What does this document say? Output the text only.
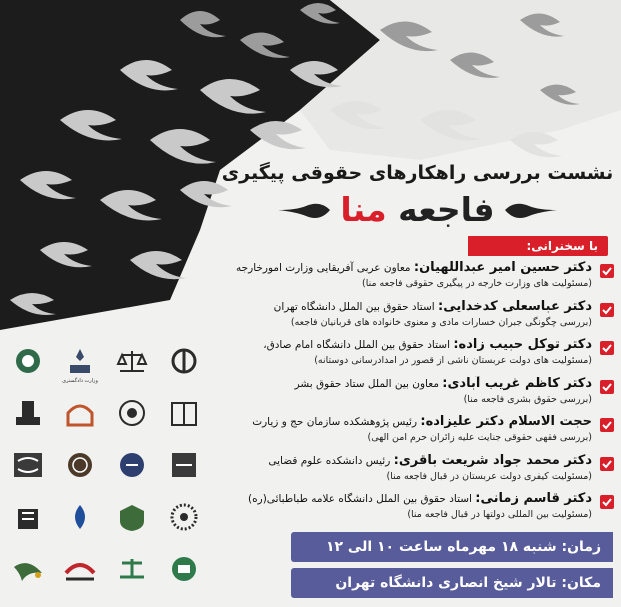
نشست بررسی راهکارهای حقوقی پیگیری

فاجعه منا
با سخنرانی:
دکتر حسین امیر عبداللهیان: معاون عربی آفریقایی وزارت امورخارجه
(مسئولیت های وزارت خارجه در پیگیری حقوقی فاجعه منا)
دکتر عباسعلی کدخدایی: استاد حقوق بین الملل دانشگاه تهران
(بررسی چگونگی جبران خسارات مادی و معنوی خانواده های قربانیان فاجعه)
دکتر توکل حبیب زاده: استاد حقوق بین الملل دانشگاه امام صادق،
(مسئولیت های دولت عربستان ناشی از قصور در امدادرسانی دوستانه)
دکتر کاظم غریب آبادی: معاون بین الملل ستاد حقوق بشر
(بررسی حقوق بشری فاجعه منا)
حجت الاسلام دکتر علیزاده: رئیس پژوهشکده سازمان حج و زیارت
(بررسی فقهی حقوقی جنایت علیه زائران حرم امن الهی)
دکتر محمد جواد شریعت باقری: رئیس دانشکده علوم قضایی
(مسئولیت کیفری دولت عربستان در قبال فاجعه منا)
دکتر قاسم زمانی: استاد حقوق بین الملل دانشگاه علامه طباطبائی(ره)
(مسئولیت بین المللی دولتها در قبال فاجعه منا)
زمان: شنبه ۱۸ مهرماه ساعت ۱۰ الی ۱۲
مکان: تالار شیخ انصاری دانشگاه تهران
وزارت دادگستری
